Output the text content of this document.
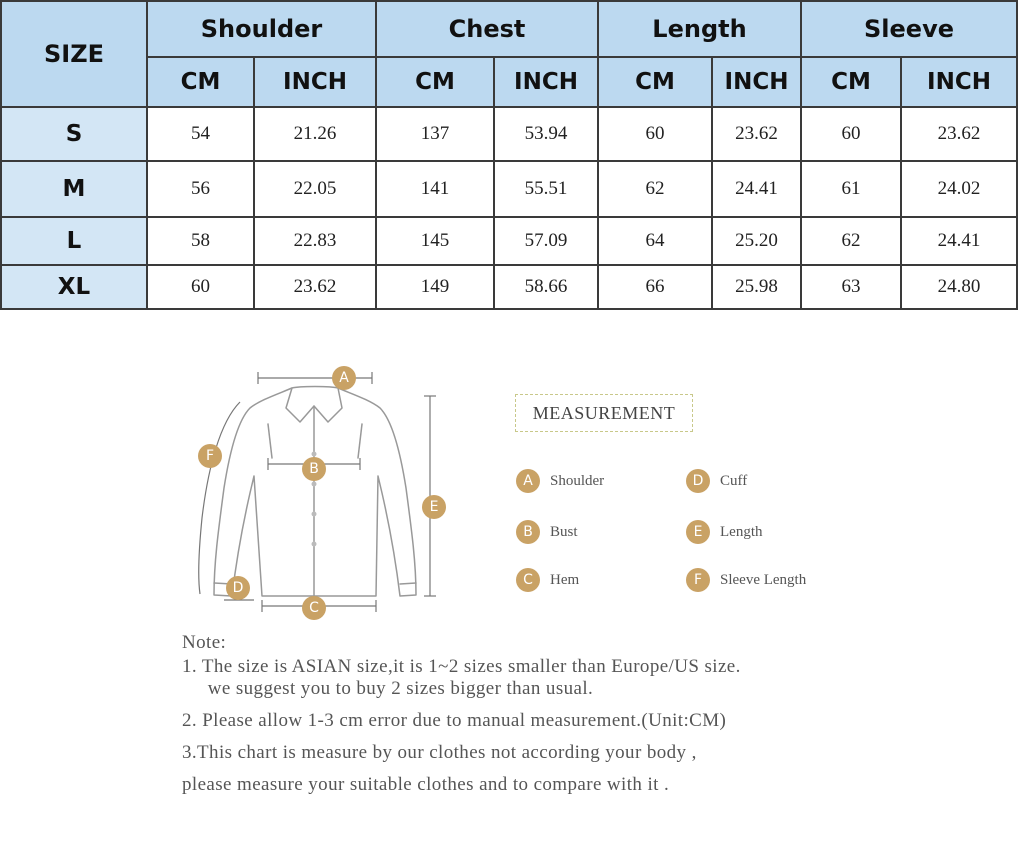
SIZE	Shoulder		Chest		Length		Sleeve	
	CM	INCH	CM	INCH	CM	INCH	CM	INCH
S	54	21.26	137	53.94	60	23.62	60	23.62
M	56	22.05	141	55.51	62	24.41	61	24.02
L	58	22.83	145	57.09	64	25.20	62	24.41
XL	60	23.62	149	58.66	66	25.98	63	24.80
A
B
C
D
E
F
MEASUREMENT
A	Shoulder	D	Cuff
B	Bust	E	Length
C	Hem	F	Sleeve Length
Note:
1. The size is ASIAN size,it is 1~2 sizes smaller than Europe/US size.
we suggest you to buy 2 sizes bigger than usual.
2. Please allow 1-3 cm error due to manual measurement.(Unit:CM)
3.This chart is measure by our clothes not according your body ,
please measure your suitable clothes and to compare with it .
